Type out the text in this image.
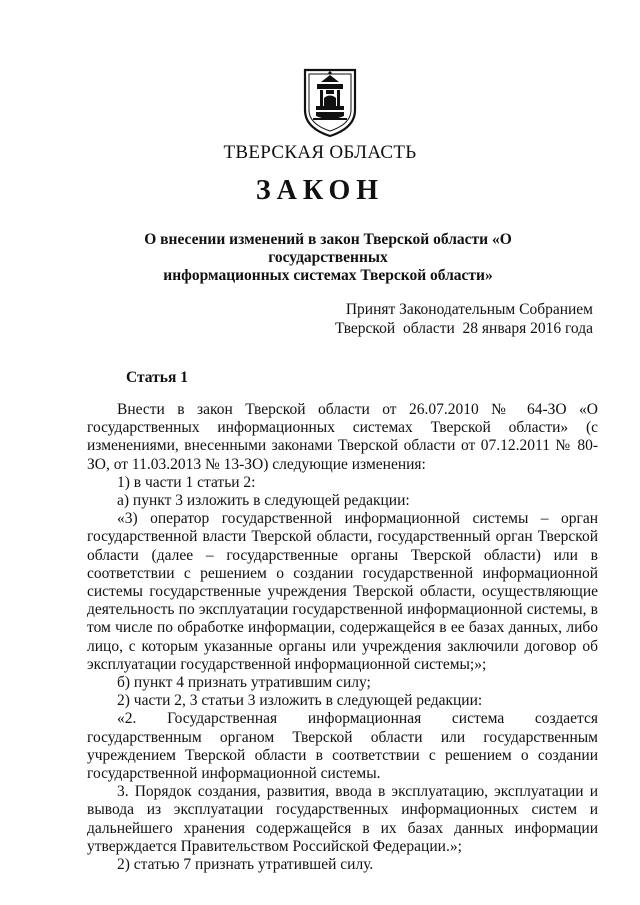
ТВЕРСКАЯ ОБЛАСТЬ
ЗАКОН
О внесении изменений в закон Тверской области «О государственных
информационных системах Тверской области»
Принят Законодательным Собранием
Тверской  области  28 января 2016 года
Статья 1

Внести в закон Тверской области от 26.07.2010 № 64-ЗО «О государственных информационных системах Тверской области» (с изменениями, внесенными законами Тверской области от 07.12.2011 № 80-ЗО, от 11.03.2013 № 13-ЗО) следующие изменения:

1) в части 1 статьи 2:

а) пункт 3 изложить в следующей редакции:

«3) оператор государственной информационной системы – орган государственной власти Тверской области, государственный орган Тверской области (далее – государственные органы Тверской области) или в соответствии с решением о создании государственной информационной системы государственные учреждения Тверской области, осуществляющие деятельность по эксплуатации государственной информационной системы, в том числе по обработке информации, содержащейся в ее базах данных, либо лицо, с которым указанные органы или учреждения заключили договор об эксплуатации государственной информационной системы;»;

б) пункт 4 признать утратившим силу;

2) части 2, 3 статьи 3 изложить в следующей редакции:

«2. Государственная информационная система создается государственным органом Тверской области или государственным учреждением Тверской области в соответствии с решением о создании государственной информационной системы.

3. Порядок создания, развития, ввода в эксплуатацию, эксплуатации и вывода из эксплуатации государственных информационных систем и дальнейшего хранения содержащейся в их базах данных информации утверждается Правительством Российской Федерации.»;

2) статью 7 признать утратившей силу.
